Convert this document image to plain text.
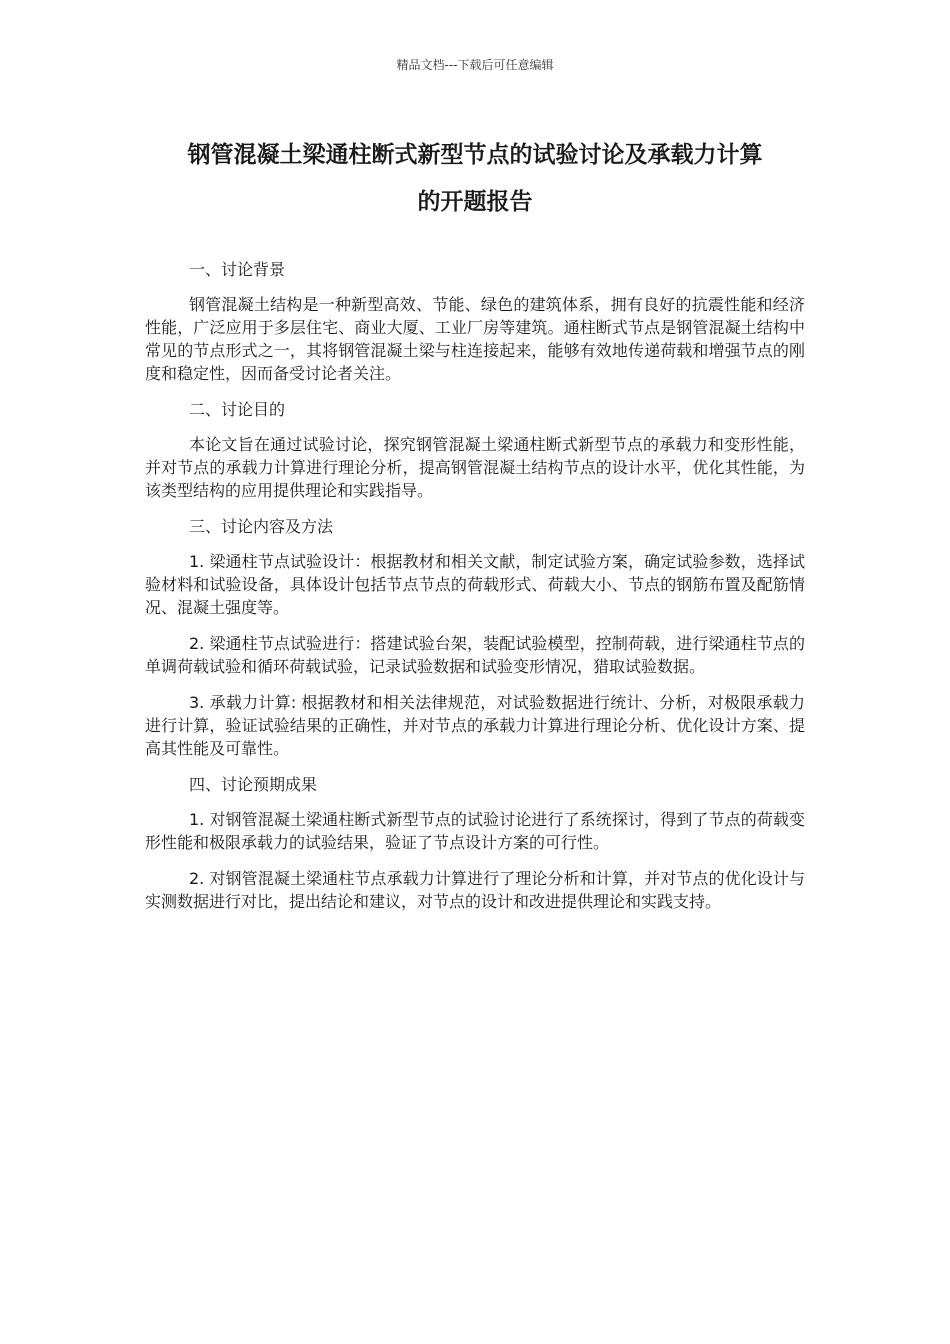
精品文档---下载后可任意编辑
钢管混凝土梁通柱断式新型节点的试验讨论及承载力计算
的开题报告

一、讨论背景

钢管混凝土结构是一种新型高效、节能、绿色的建筑体系，拥有良好的抗震性能和经济性能，广泛应用于多层住宅、商业大厦、工业厂房等建筑。通柱断式节点是钢管混凝土结构中常见的节点形式之一，其将钢管混凝土梁与柱连接起来，能够有效地传递荷载和增强节点的刚度和稳定性，因而备受讨论者关注。

二、讨论目的

本论文旨在通过试验讨论，探究钢管混凝土梁通柱断式新型节点的承载力和变形性能，并对节点的承载力计算进行理论分析，提高钢管混凝土结构节点的设计水平，优化其性能，为该类型结构的应用提供理论和实践指导。

三、讨论内容及方法

1. 梁通柱节点试验设计：根据教材和相关文献，制定试验方案，确定试验参数，选择试验材料和试验设备，具体设计包括节点节点的荷载形式、荷载大小、节点的钢筋布置及配筋情况、混凝土强度等。

2. 梁通柱节点试验进行：搭建试验台架，装配试验模型，控制荷载，进行梁通柱节点的单调荷载试验和循环荷载试验，记录试验数据和试验变形情况，猎取试验数据。

3. 承载力计算: 根据教材和相关法律规范，对试验数据进行统计、分析，对极限承载力进行计算，验证试验结果的正确性，并对节点的承载力计算进行理论分析、优化设计方案、提高其性能及可靠性。

四、讨论预期成果

1. 对钢管混凝土梁通柱断式新型节点的试验讨论进行了系统探讨，得到了节点的荷载变形性能和极限承载力的试验结果，验证了节点设计方案的可行性。

2. 对钢管混凝土梁通柱节点承载力计算进行了理论分析和计算，并对节点的优化设计与实测数据进行对比，提出结论和建议，对节点的设计和改进提供理论和实践支持。
